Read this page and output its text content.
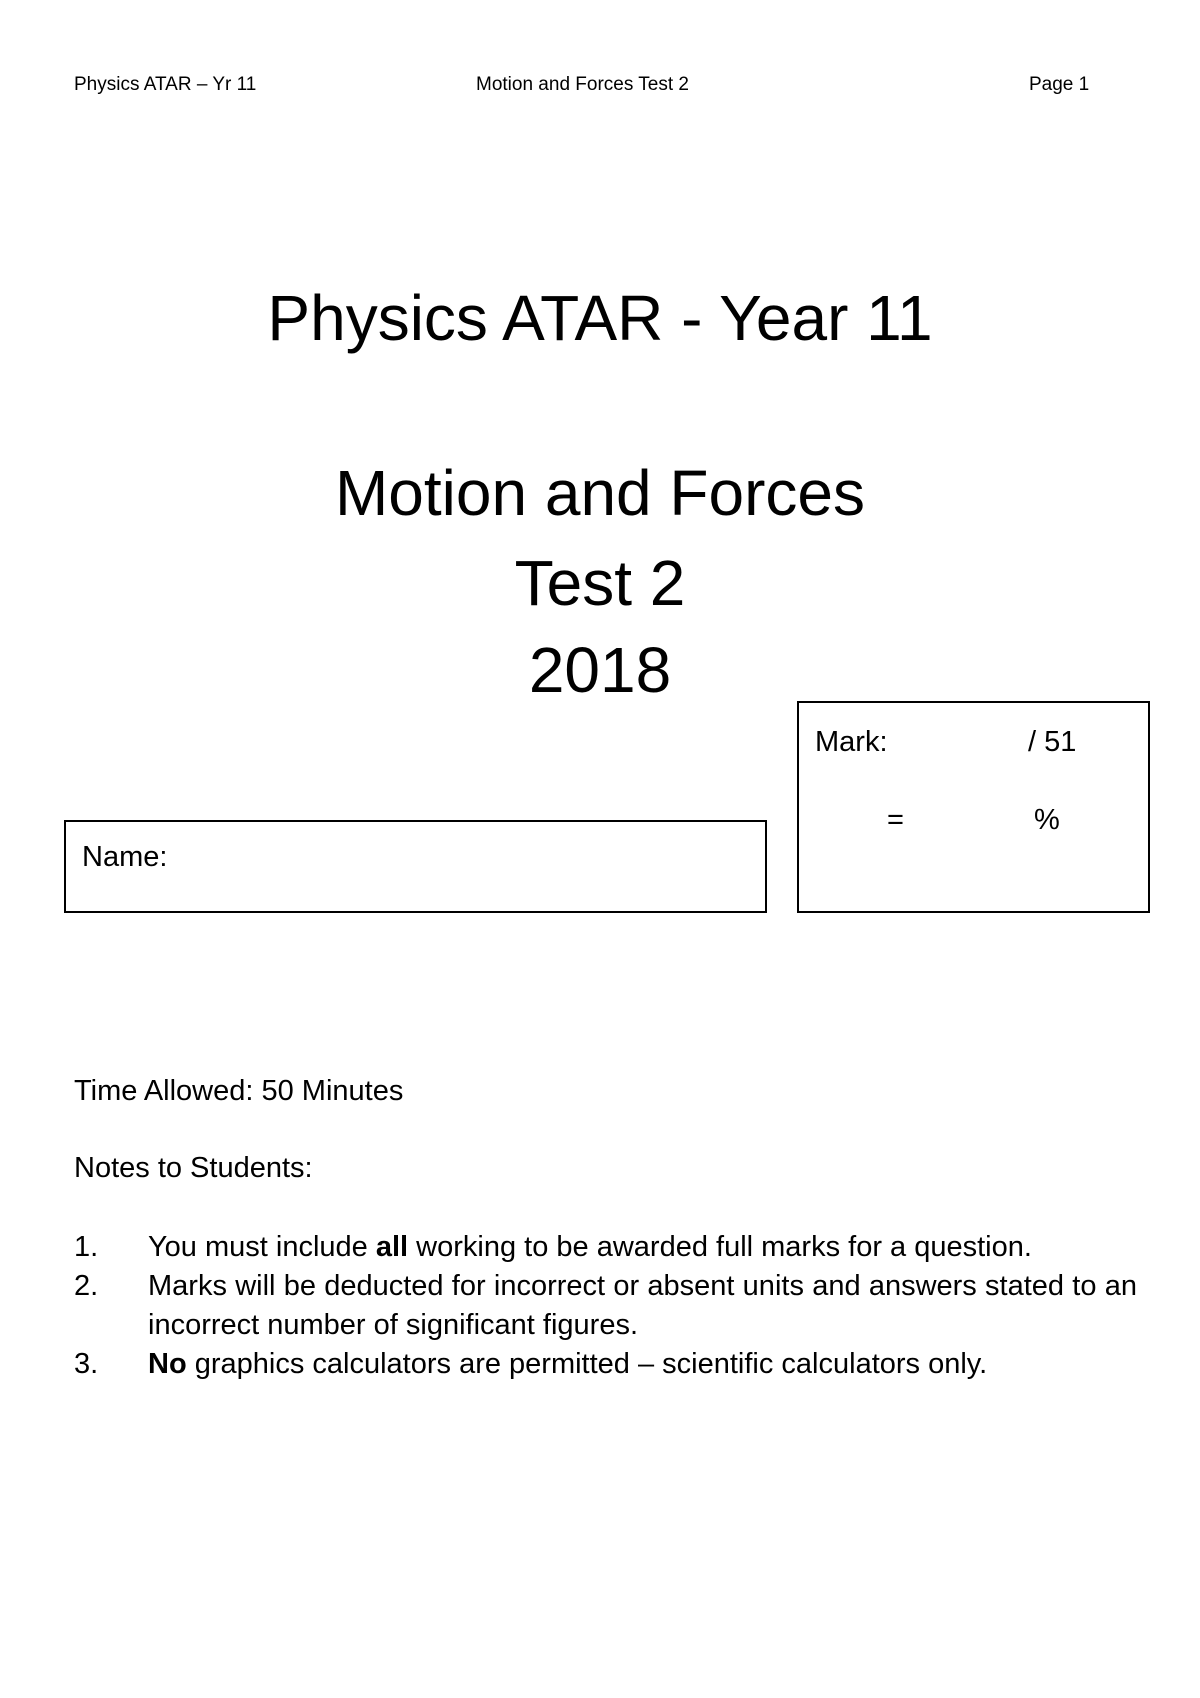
Physics ATAR – Yr 11	Motion and Forces Test 2	Page 1
Physics ATAR - Year 11
Motion and Forces
Test 2
2018
Name:
Mark:	/ 51
=	%
Time Allowed: 50 Minutes
Notes to Students:
1.	You must include all working to be awarded full marks for a question.
2.	Marks will be deducted for incorrect or absent units and answers stated to an incorrect number of significant figures.
3.	No graphics calculators are permitted – scientific calculators only.
